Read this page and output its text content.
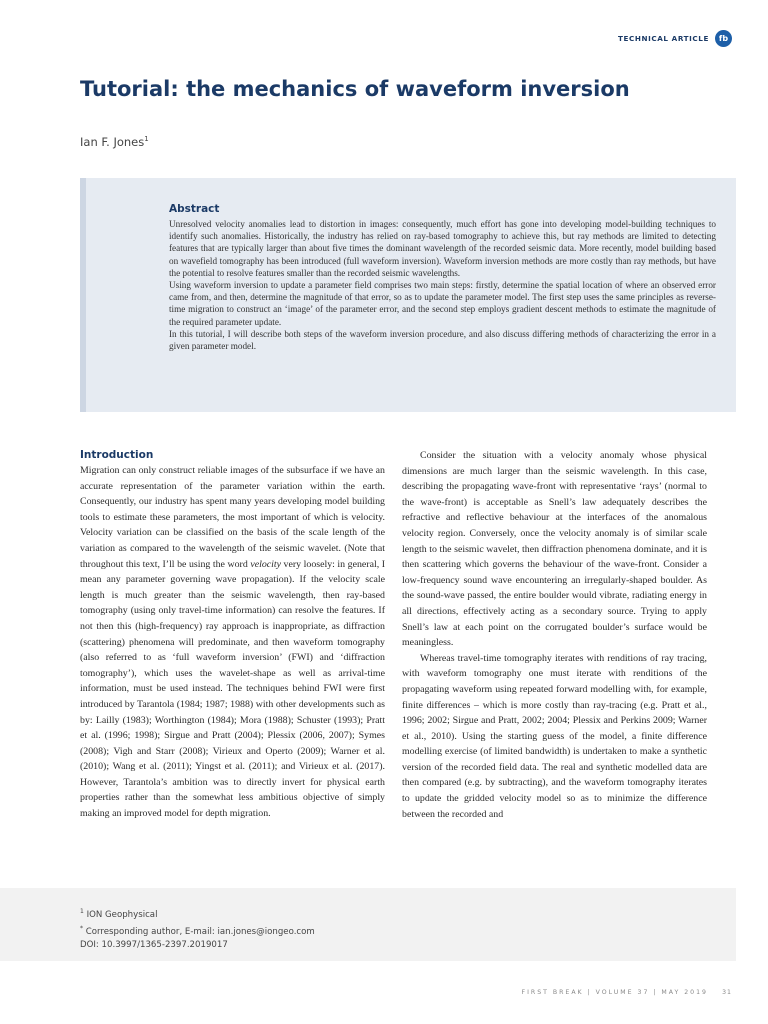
TECHNICAL ARTICLE	fb
Tutorial: the mechanics of waveform inversion
Ian F. Jones$^1$
Abstract

Unresolved velocity anomalies lead to distortion in images: consequently, much effort has gone into developing model-building techniques to identify such anomalies. Historically, the industry has relied on ray-based tomography to achieve this, but ray methods are limited to detecting features that are typically larger than about five times the dominant wavelength of the recorded seismic data. More recently, model building based on wavefield tomography has been introduced (full waveform inversion). Waveform inversion methods are more costly than ray methods, but have the potential to resolve features smaller than the recorded seismic wavelengths.

Using waveform inversion to update a parameter field comprises two main steps: firstly, determine the spatial location of where an observed error came from, and then, determine the magnitude of that error, so as to update the parameter model. The first step uses the same principles as reverse-time migration to construct an ‘image’ of the parameter error, and the second step employs gradient descent methods to estimate the magnitude of the required parameter update.

In this tutorial, I will describe both steps of the waveform inversion procedure, and also discuss differing methods of characterizing the error in a given parameter model.

Introduction

Migration can only construct reliable images of the subsurface if we have an accurate representation of the parameter variation within the earth. Consequently, our industry has spent many years developing model building tools to estimate these parameters, the most important of which is velocity. Velocity variation can be classified on the basis of the scale length of the variation as compared to the wavelength of the seismic wavelet. (Note that throughout this text, I’ll be using the word velocity very loosely: in general, I mean any parameter governing wave propagation). If the velocity scale length is much greater than the seismic wavelength, then ray-based tomography (using only travel-time information) can resolve the features. If not then this (high-frequency) ray approach is inappropriate, as diffraction (scattering) phenomena will predominate, and then waveform tomography (also referred to as ‘full waveform inversion’ (FWI) and ‘diffraction tomography’), which uses the wavelet-shape as well as arrival-time information, must be used instead. The techniques behind FWI were first introduced by Tarantola (1984; 1987; 1988) with other developments such as by: Lailly (1983); Worthington (1984); Mora (1988); Schuster (1993); Pratt et al. (1996; 1998); Sirgue and Pratt (2004); Plessix (2006, 2007); Symes (2008); Vigh and Starr (2008); Virieux and Operto (2009); Warner et al. (2010); Wang et al. (2011); Yingst et al. (2011); and Virieux et al. (2017). However, Tarantola’s ambition was to directly invert for physical earth properties rather than the somewhat less ambitious objective of simply making an improved model for depth migration.

Consider the situation with a velocity anomaly whose physical dimensions are much larger than the seismic wavelength. In this case, describing the propagating wave-front with representative ‘rays’ (normal to the wave-front) is acceptable as Snell’s law adequately describes the refractive and reflective behaviour at the interfaces of the anomalous velocity region. Conversely, once the velocity anomaly is of similar scale length to the seismic wavelet, then diffraction phenomena dominate, and it is then scattering which governs the behaviour of the wave-front. Consider a low-frequency sound wave encountering an irregularly-shaped boulder. As the sound-wave passed, the entire boulder would vibrate, radiating energy in all directions, effectively acting as a secondary source. Trying to apply Snell’s law at each point on the corrugated boulder’s surface would be meaningless.

Whereas travel-time tomography iterates with renditions of ray tracing, with waveform tomography one must iterate with renditions of the propagating waveform using repeated forward modelling with, for example, finite differences – which is more costly than ray-tracing (e.g. Pratt et al., 1996; 2002; Sirgue and Pratt, 2002; 2004; Plessix and Perkins 2009; Warner et al., 2010). Using the starting guess of the model, a finite difference modelling exercise (of limited bandwidth) is undertaken to make a synthetic version of the recorded field data. The real and synthetic modelled data are then compared (e.g. by subtracting), and the waveform tomography iterates to update the gridded velocity model so as to minimize the difference between the recorded and

$^1$ ION Geophysical
* Corresponding author, E-mail: ian.jones@iongeo.com
DOI: 10.3997/1365-2397.2019017
FIRST BREAK | VOLUME 37 | MAY 2019 31
